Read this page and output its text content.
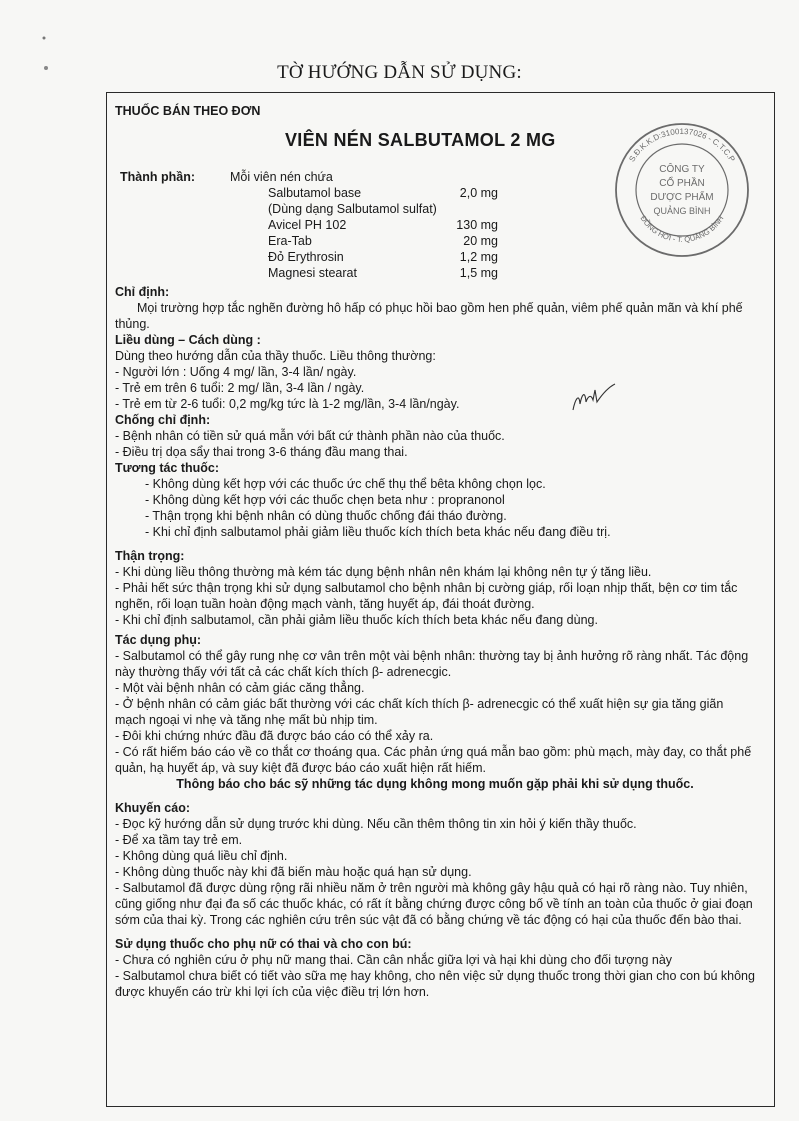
TỜ HƯỚNG DẪN SỬ DỤNG:
THUỐC BÁN THEO ĐƠN
VIÊN NÉN SALBUTAMOL 2 MG
Thành phần:	Mỗi viên nén chứa
Salbutamol base	2,0 mg
(Dùng dạng Salbutamol sulfat)
Avicel PH 102	130 mg
Era-Tab	20 mg
Đỏ Erythrosin	1,2 mg
Magnesi stearat	1,5 mg

Chỉ định:

Mọi trường hợp tắc nghẽn đường hô hấp có phục hồi bao gồm hen phế quản, viêm phế quản mãn và khí phế thủng.

Liều dùng – Cách dùng :

Dùng theo hướng dẫn của thầy thuốc. Liều thông thường:

- Người lớn : Uống 4 mg/ lần, 3-4 lần/ ngày.

- Trẻ em trên 6 tuổi: 2 mg/ lần, 3-4 lần / ngày.

- Trẻ em từ 2-6 tuổi: 0,2 mg/kg tức là 1-2 mg/lần, 3-4 lần/ngày.

Chống chỉ định:

- Bệnh nhân có tiền sử quá mẫn với bất cứ thành phần nào của thuốc.

- Điều trị dọa sẩy thai trong 3-6 tháng đầu mang thai.

Tương tác thuốc:

- Không dùng kết hợp với các thuốc ức chế thụ thể bêta không chọn lọc.

- Không dùng kết hợp với các thuốc chẹn beta như : propranonol

- Thận trọng khi bệnh nhân có dùng thuốc chống đái tháo đường.

- Khi chỉ định salbutamol phải giảm liều thuốc kích thích beta khác nếu đang điều trị.

Thận trọng:

- Khi dùng liều thông thường mà kém tác dụng bệnh nhân nên khám lại không nên tự ý tăng liều.

- Phải hết sức thận trọng khi sử dụng salbutamol cho bệnh nhân bị cường giáp, rối loạn nhịp thất, bện cơ tim tắc nghẽn, rối loạn tuần hoàn động mạch vành, tăng huyết áp, đái thoát đường.

- Khi chỉ định salbutamol, cần phải giảm liều thuốc kích thích beta khác nếu đang dùng.

Tác dụng phụ:

- Salbutamol có thể gây rung nhẹ cơ vân trên một vài bệnh nhân: thường tay bị ảnh hưởng rõ ràng nhất. Tác động này thường thấy với tất cả các chất kích thích β- adrenecgic.

- Một vài bệnh nhân có cảm giác căng thẳng.

- Ở bệnh nhân có cảm giác bất thường với các chất kích thích β- adrenecgic có thể xuất hiện sự gia tăng giãn mạch ngoại vi nhẹ và tăng nhẹ mất bù nhịp tim.

- Đôi khi chứng nhức đầu đã được báo cáo có thể xảy ra.

- Có rất hiếm báo cáo về co thắt cơ thoáng qua. Các phản ứng quá mẫn bao gồm: phù mạch, mày đay, co thắt phế quản, hạ huyết áp, và suy kiệt đã được báo cáo xuất hiện rất hiếm.

Thông báo cho bác sỹ những tác dụng không mong muốn gặp phải khi sử dụng thuốc.

Khuyến cáo:

- Đọc kỹ hướng dẫn sử dụng trước khi dùng. Nếu cần thêm thông tin xin hỏi ý kiến thầy thuốc.

- Để xa tầm tay trẻ em.

- Không dùng quá liều chỉ định.

- Không dùng thuốc này khi đã biến màu hoặc quá hạn sử dụng.

- Salbutamol đã được dùng rộng rãi nhiều năm ở trên người mà không gây hậu quả có hại rõ ràng nào. Tuy nhiên, cũng giống như đại đa số các thuốc khác, có rất ít bằng chứng được công bố về tính an toàn của thuốc ở giai đoạn sớm của thai kỳ. Trong các nghiên cứu trên súc vật đã có bằng chứng về tác động có hại của thuốc đến bào thai.

Sử dụng thuốc cho phụ nữ có thai và cho con bú:

- Chưa có nghiên cứu ở phụ nữ mang thai. Cần cân nhắc giữa lợi và hại khi dùng cho đối tượng này

- Salbutamol chưa biết có tiết vào sữa mẹ hay không, cho nên việc sử dụng thuốc trong thời gian cho con bú không được khuyến cáo trừ khi lợi ích của việc điều trị lớn hơn.

S.Đ.K.K.D:3100137026 - C.T.C.P
ĐỒNG HỚI - T. QUẢNG BÌNH
CÔNG TY
CỔ PHẦN
DƯỢC PHẨM
QUẢNG BÌNH
